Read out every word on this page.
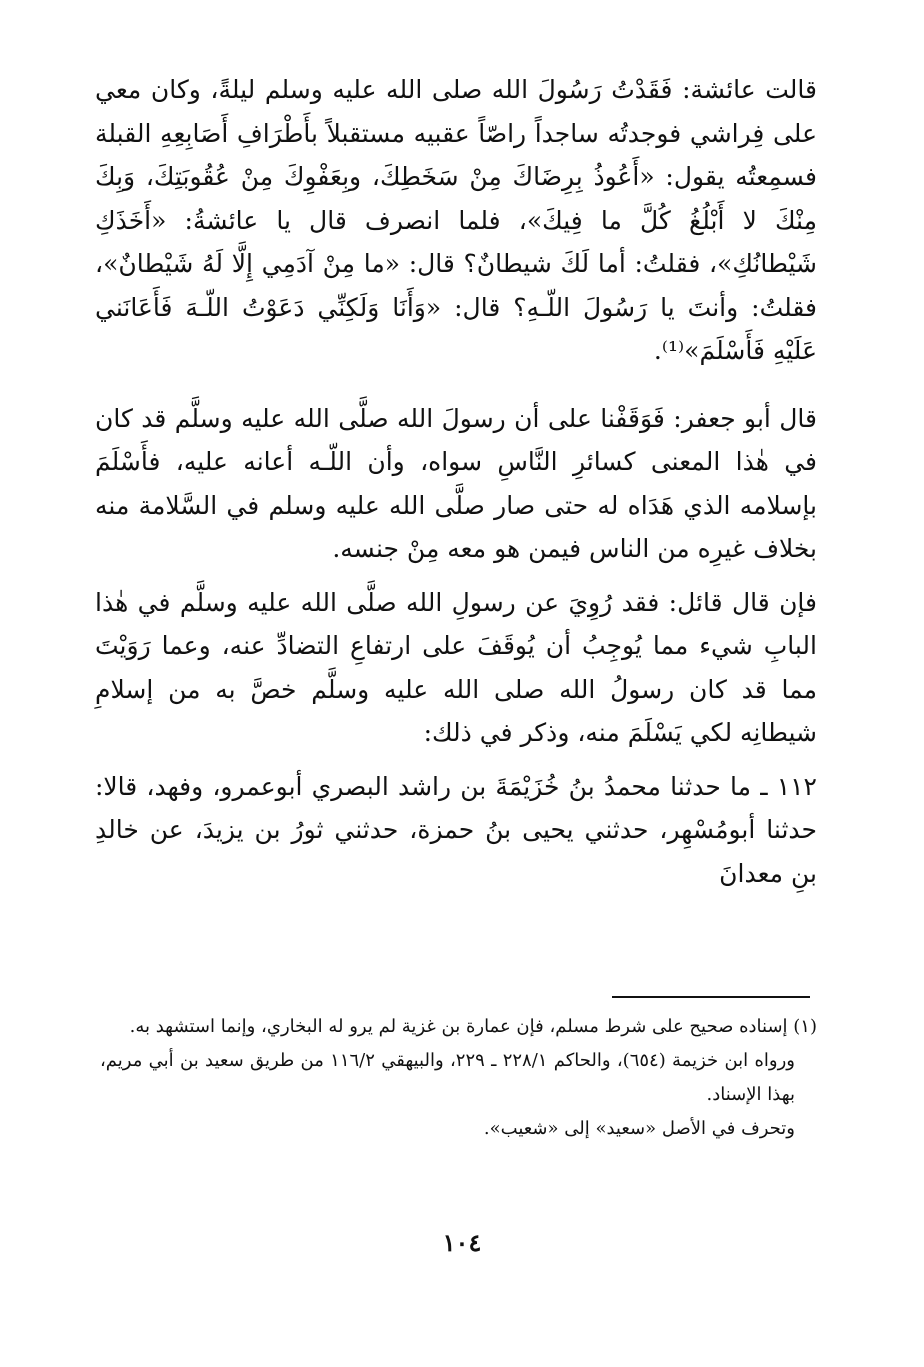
قالت عائشة: فَقَدْتُ رَسُولَ الله صلى الله عليه وسلم ليلةً، وكان معي على فِراشي فوجدتُه ساجداً راصّاً عقبيه مستقبلاً بأَطْرَافِ أَصَابِعِهِ القبلة فسمِعتُه يقول: «أَعُوذُ بِرِضَاكَ مِنْ سَخَطِكَ، وبِعَفْوِكَ مِنْ عُقُوبَتِكَ، وَبِكَ مِنْكَ لا أَبْلُغُ كُلَّ ما فِيكَ»، فلما انصرف قال يا عائشةُ: «أَخَذَكِ شَيْطانُكِ»، فقلتُ: أما لَكَ شيطانٌ؟ قال: «ما مِنْ آدَمِي إِلَّا لَهُ شَيْطانٌ»، فقلتُ: وأنتَ يا رَسُولَ اللّـهِ؟ قال: «وَأَنَا وَلَكِنِّي دَعَوْتُ اللّـهَ فَأَعَانَني عَلَيْهِ فَأَسْلَمَ»⁽¹⁾.

قال أبو جعفر: فَوَقَفْنا على أن رسولَ الله صلَّى الله عليه وسلَّم قد كان في هٰذا المعنى كسائرِ النَّاسِ سواه، وأن اللّـه أعانه عليه، فأَسْلَمَ بإسلامه الذي هَدَاه له حتى صار صلَّى الله عليه وسلم في السَّلامة منه بخلاف غيرِه من الناس فيمن هو معه مِنْ جنسه.

فإن قال قائل: فقد رُوِيَ عن رسولِ الله صلَّى الله عليه وسلَّم في هٰذا البابِ شيء مما يُوجِبُ أن يُوقَفَ على ارتفاعِ التضادِّ عنه، وعما رَوَيْتَ مما قد كان رسولُ الله صلى الله عليه وسلَّم خصَّ به من إسلامِ شيطانِه لكي يَسْلَمَ منه، وذكر في ذلك:

١١٢ ـ ما حدثنا محمدُ بنُ خُزَيْمَةَ بن راشد البصري أبوعمرو، وفهد، قالا: حدثنا أبومُسْهِر، حدثني يحيى بنُ حمزة، حدثني ثورُ بن يزيدَ، عن خالدِ بنِ معدانَ

(١) إسناده صحيح على شرط مسلم، فإن عمارة بن غزية لم يرو له البخاري، وإنما استشهد به.

ورواه ابن خزيمة (٦٥٤)، والحاكم ٢٢٨/١ ـ ٢٢٩، والبيهقي ١١٦/٢ من طريق سعيد بن أبي مريم، بهذا الإسناد.

وتحرف في الأصل «سعيد» إلى «شعيب».

١٠٤
